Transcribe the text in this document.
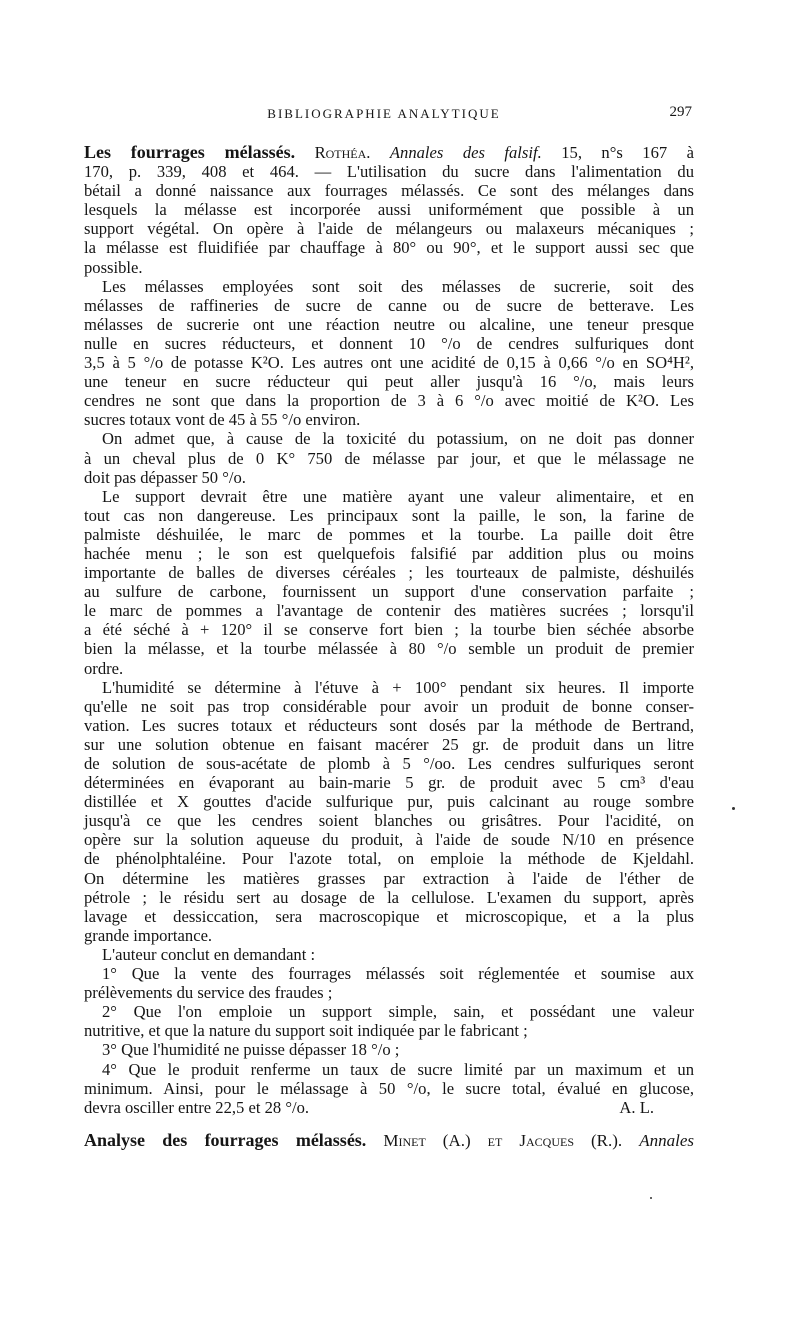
BIBLIOGRAPHIE ANALYTIQUE	297
Les fourrages mélassés. Rothéa. Annales des falsif. 15, n°s 167 à
170, p. 339, 408 et 464. — L'utilisation du sucre dans l'alimentation du
bétail a donné naissance aux fourrages mélassés. Ce sont des mélanges dans
lesquels la mélasse est incorporée aussi uniformément que possible à un
support végétal. On opère à l'aide de mélangeurs ou malaxeurs mécaniques ;
la mélasse est fluidifiée par chauffage à 80° ou 90°, et le support aussi sec que
possible.
Les mélasses employées sont soit des mélasses de sucrerie, soit des
mélasses de raffineries de sucre de canne ou de sucre de betterave. Les
mélasses de sucrerie ont une réaction neutre ou alcaline, une teneur presque
nulle en sucres réducteurs, et donnent 10 °/o de cendres sulfuriques dont
3,5 à 5 °/o de potasse K²O. Les autres ont une acidité de 0,15 à 0,66 °/o en SO⁴H²,
une teneur en sucre réducteur qui peut aller jusqu'à 16 °/o, mais leurs
cendres ne sont que dans la proportion de 3 à 6 °/o avec moitié de K²O. Les
sucres totaux vont de 45 à 55 °/o environ.
On admet que, à cause de la toxicité du potassium, on ne doit pas donner
à un cheval plus de 0 K° 750 de mélasse par jour, et que le mélassage ne
doit pas dépasser 50 °/o.
Le support devrait être une matière ayant une valeur alimentaire, et en
tout cas non dangereuse. Les principaux sont la paille, le son, la farine de
palmiste déshuilée, le marc de pommes et la tourbe. La paille doit être
hachée menu ; le son est quelquefois falsifié par addition plus ou moins
importante de balles de diverses céréales ; les tourteaux de palmiste, déshuilés
au sulfure de carbone, fournissent un support d'une conservation parfaite ;
le marc de pommes a l'avantage de contenir des matières sucrées ; lorsqu'il
a été séché à + 120° il se conserve fort bien ; la tourbe bien séchée absorbe
bien la mélasse, et la tourbe mélassée à 80 °/o semble un produit de premier
ordre.
L'humidité se détermine à l'étuve à + 100° pendant six heures. Il importe
qu'elle ne soit pas trop considérable pour avoir un produit de bonne conser-
vation. Les sucres totaux et réducteurs sont dosés par la méthode de Bertrand,
sur une solution obtenue en faisant macérer 25 gr. de produit dans un litre
de solution de sous-acétate de plomb à 5 °/oo. Les cendres sulfuriques seront
déterminées en évaporant au bain-marie 5 gr. de produit avec 5 cm³ d'eau
distillée et X gouttes d'acide sulfurique pur, puis calcinant au rouge sombre
jusqu'à ce que les cendres soient blanches ou grisâtres. Pour l'acidité, on
opère sur la solution aqueuse du produit, à l'aide de soude N/10 en présence
de phénolphtaléine. Pour l'azote total, on emploie la méthode de Kjeldahl.
On détermine les matières grasses par extraction à l'aide de l'éther de
pétrole ; le résidu sert au dosage de la cellulose. L'examen du support, après
lavage et dessiccation, sera macroscopique et microscopique, et a la plus
grande importance.
L'auteur conclut en demandant :
1° Que la vente des fourrages mélassés soit réglementée et soumise aux
prélèvements du service des fraudes ;
2° Que l'on emploie un support simple, sain, et possédant une valeur
nutritive, et que la nature du support soit indiquée par le fabricant ;
3° Que l'humidité ne puisse dépasser 18 °/o ;
4° Que le produit renferme un taux de sucre limité par un maximum et un
minimum. Ainsi, pour le mélassage à 50 °/o, le sucre total, évalué en glucose,
devra osciller entre 22,5 et 28 °/o.	A. L.
Analyse des fourrages mélassés. Minet (A.) et Jacques (R.). Annales
